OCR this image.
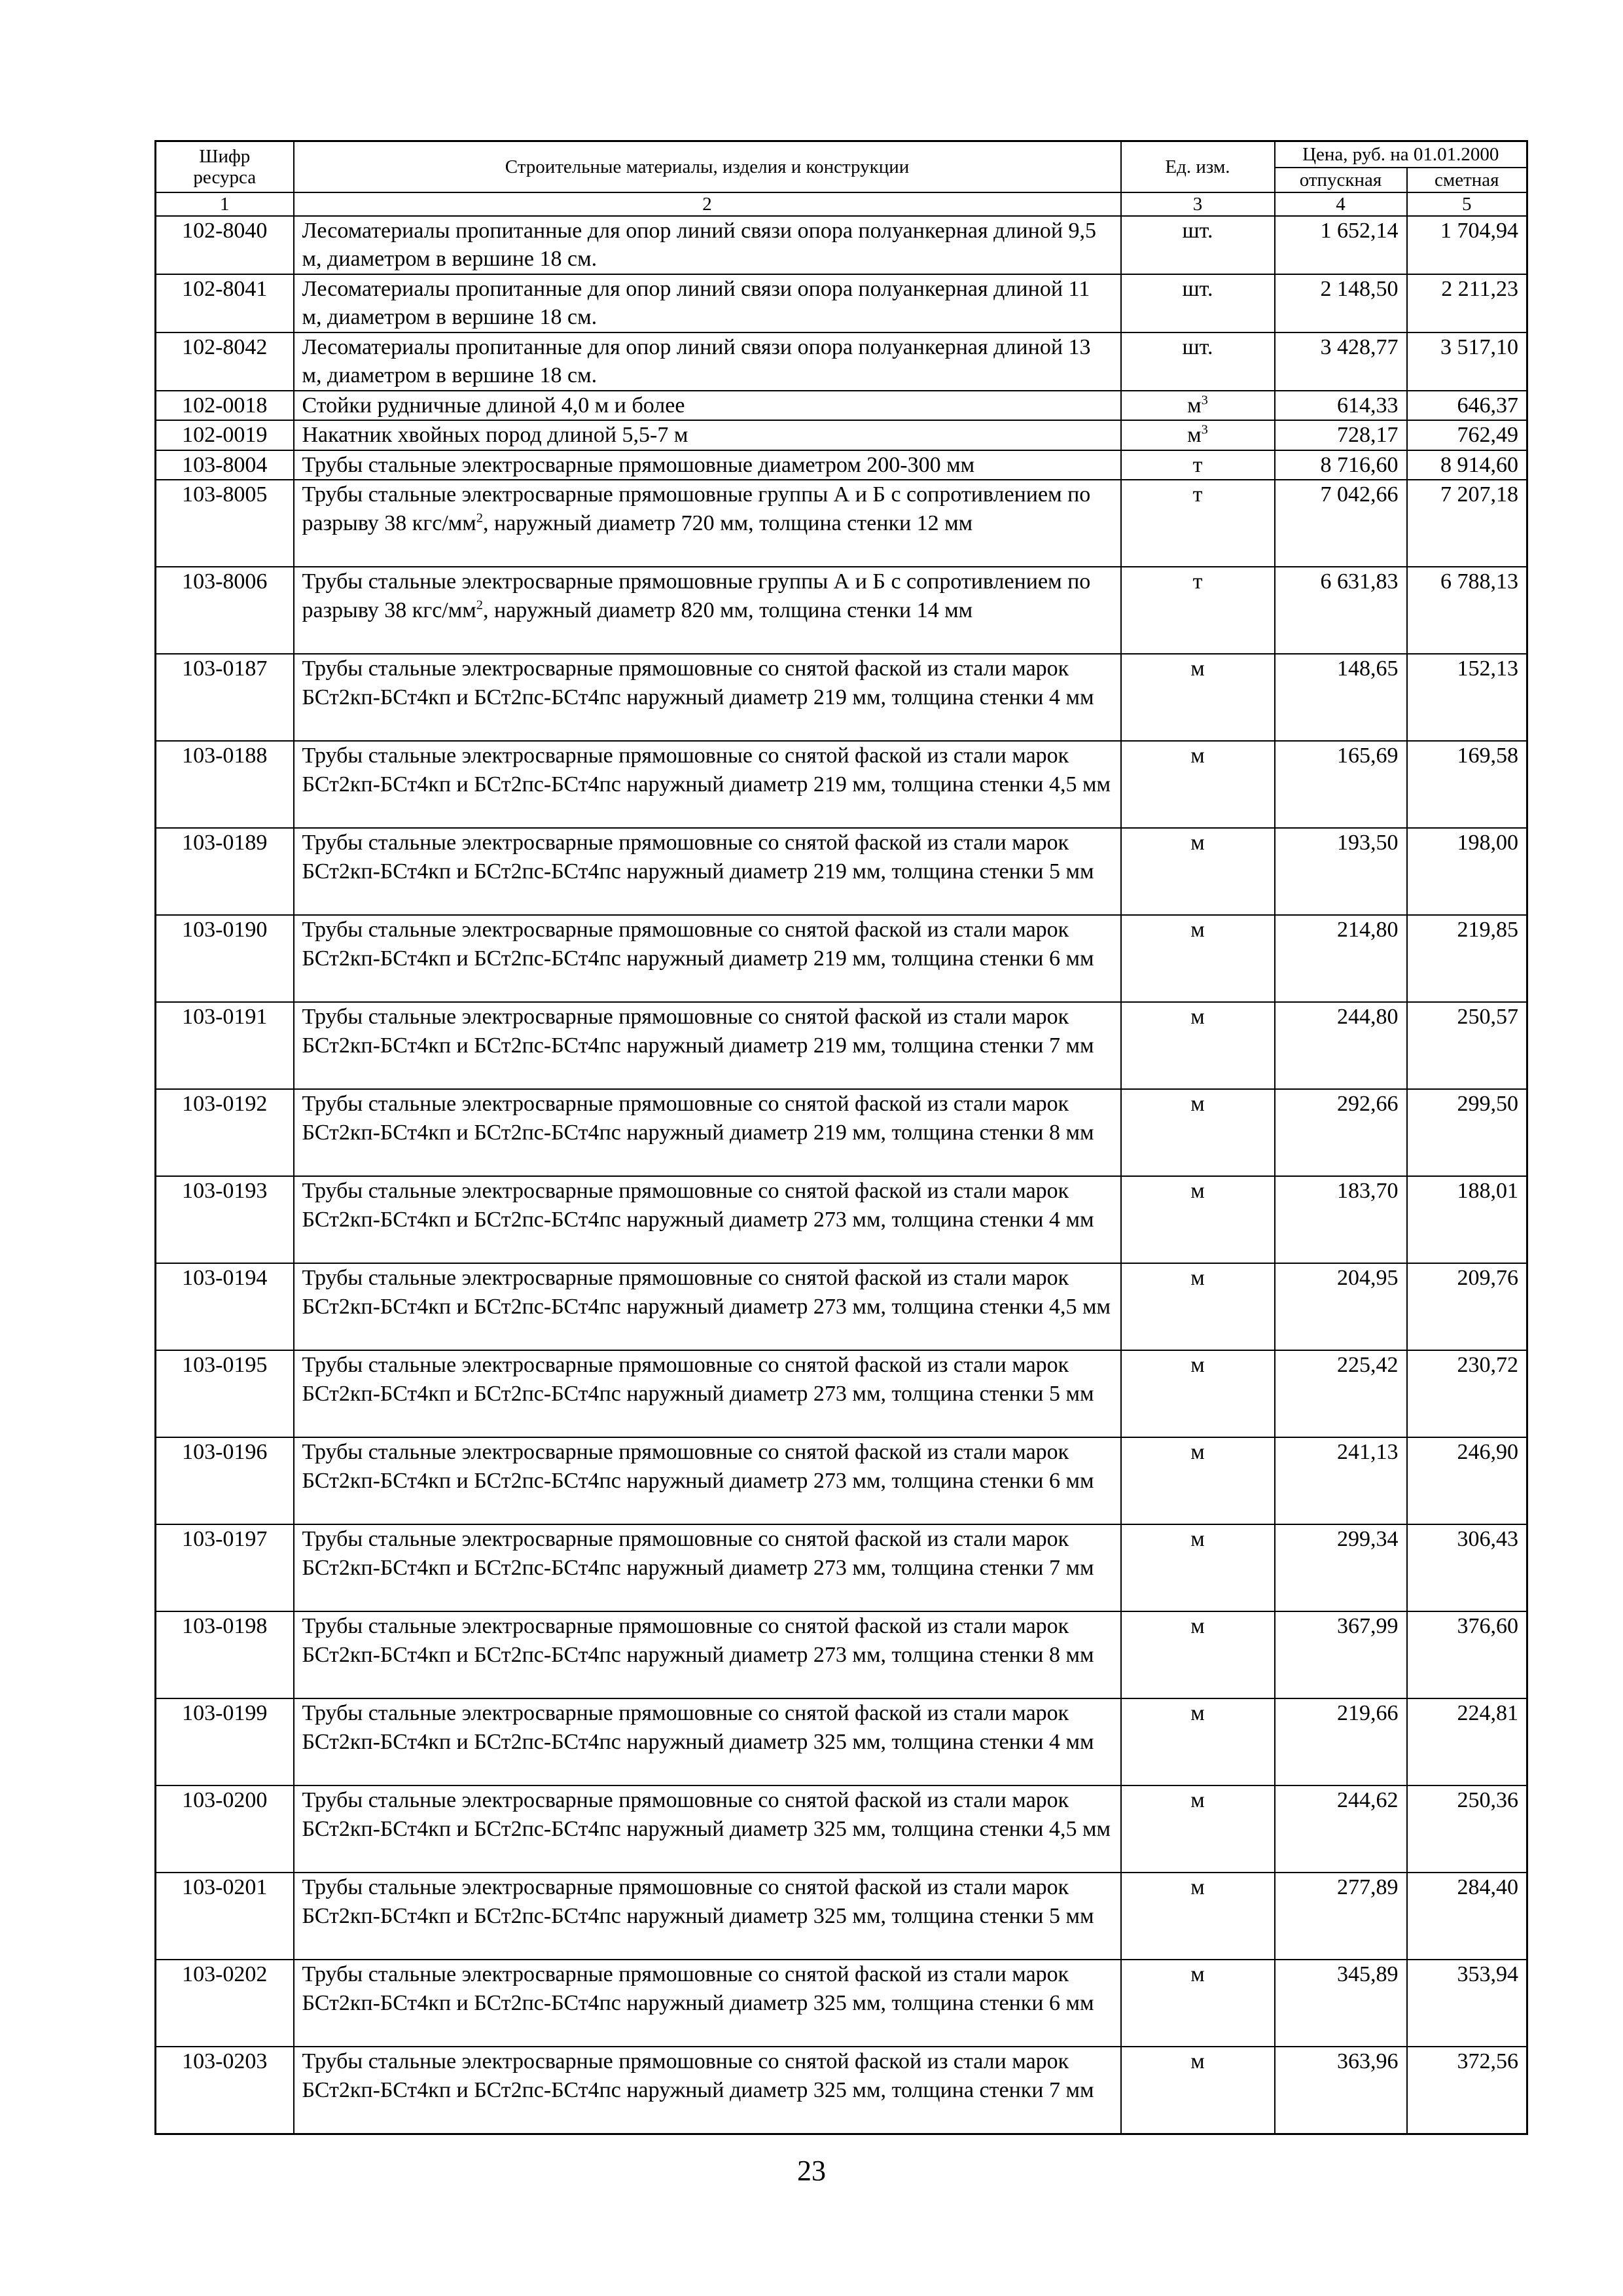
Шифр
ресурса	Строительные материалы, изделия и конструкции	Ед. изм.	Цена, руб. на 01.01.2000	
			отпускная	сметная
1	2	3	4	5
102-8040	Лесоматериалы пропитанные для опор линий связи опора полуанкерная длиной 9,5 м, диаметром в вершине 18 см.	шт.	1 652,14	1 704,94
102-8041	Лесоматериалы пропитанные для опор линий связи опора полуанкерная длиной 11 м, диаметром в вершине 18 см.	шт.	2 148,50	2 211,23
102-8042	Лесоматериалы пропитанные для опор линий связи опора полуанкерная длиной 13 м, диаметром в вершине 18 см.	шт.	3 428,77	3 517,10
102-0018	Стойки рудничные длиной 4,0 м и более	$м^3$	614,33	646,37
102-0019	Накатник хвойных пород длиной 5,5-7 м	$м^3$	728,17	762,49
103-8004	Трубы стальные электросварные прямошовные диаметром 200-300 мм	т	8 716,60	8 914,60
103-8005	Трубы стальные электросварные прямошовные группы А и Б с сопротивлением по разрыву 38 кгс/$мм^2$, наружный диаметр 720 мм, толщина стенки 12 мм	т	7 042,66	7 207,18
103-8006	Трубы стальные электросварные прямошовные группы А и Б с сопротивлением по разрыву 38 кгс/$мм^2$, наружный диаметр 820 мм, толщина стенки 14 мм	т	6 631,83	6 788,13
103-0187	Трубы стальные электросварные прямошовные со снятой фаской из стали марок БСт2кп-БСт4кп и БСт2пс-БСт4пс наружный диаметр 219 мм, толщина стенки 4 мм	м	148,65	152,13
103-0188	Трубы стальные электросварные прямошовные со снятой фаской из стали марок БСт2кп-БСт4кп и БСт2пс-БСт4пс наружный диаметр 219 мм, толщина стенки 4,5 мм	м	165,69	169,58
103-0189	Трубы стальные электросварные прямошовные со снятой фаской из стали марок БСт2кп-БСт4кп и БСт2пс-БСт4пс наружный диаметр 219 мм, толщина стенки 5 мм	м	193,50	198,00
103-0190	Трубы стальные электросварные прямошовные со снятой фаской из стали марок БСт2кп-БСт4кп и БСт2пс-БСт4пс наружный диаметр 219 мм, толщина стенки 6 мм	м	214,80	219,85
103-0191	Трубы стальные электросварные прямошовные со снятой фаской из стали марок БСт2кп-БСт4кп и БСт2пс-БСт4пс наружный диаметр 219 мм, толщина стенки 7 мм	м	244,80	250,57
103-0192	Трубы стальные электросварные прямошовные со снятой фаской из стали марок БСт2кп-БСт4кп и БСт2пс-БСт4пс наружный диаметр 219 мм, толщина стенки 8 мм	м	292,66	299,50
103-0193	Трубы стальные электросварные прямошовные со снятой фаской из стали марок БСт2кп-БСт4кп и БСт2пс-БСт4пс наружный диаметр 273 мм, толщина стенки 4 мм	м	183,70	188,01
103-0194	Трубы стальные электросварные прямошовные со снятой фаской из стали марок БСт2кп-БСт4кп и БСт2пс-БСт4пс наружный диаметр 273 мм, толщина стенки 4,5 мм	м	204,95	209,76
103-0195	Трубы стальные электросварные прямошовные со снятой фаской из стали марок БСт2кп-БСт4кп и БСт2пс-БСт4пс наружный диаметр 273 мм, толщина стенки 5 мм	м	225,42	230,72
103-0196	Трубы стальные электросварные прямошовные со снятой фаской из стали марок БСт2кп-БСт4кп и БСт2пс-БСт4пс наружный диаметр 273 мм, толщина стенки 6 мм	м	241,13	246,90
103-0197	Трубы стальные электросварные прямошовные со снятой фаской из стали марок БСт2кп-БСт4кп и БСт2пс-БСт4пс наружный диаметр 273 мм, толщина стенки 7 мм	м	299,34	306,43
103-0198	Трубы стальные электросварные прямошовные со снятой фаской из стали марок БСт2кп-БСт4кп и БСт2пс-БСт4пс наружный диаметр 273 мм, толщина стенки 8 мм	м	367,99	376,60
103-0199	Трубы стальные электросварные прямошовные со снятой фаской из стали марок БСт2кп-БСт4кп и БСт2пс-БСт4пс наружный диаметр 325 мм, толщина стенки 4 мм	м	219,66	224,81
103-0200	Трубы стальные электросварные прямошовные со снятой фаской из стали марок БСт2кп-БСт4кп и БСт2пс-БСт4пс наружный диаметр 325 мм, толщина стенки 4,5 мм	м	244,62	250,36
103-0201	Трубы стальные электросварные прямошовные со снятой фаской из стали марок БСт2кп-БСт4кп и БСт2пс-БСт4пс наружный диаметр 325 мм, толщина стенки 5 мм	м	277,89	284,40
103-0202	Трубы стальные электросварные прямошовные со снятой фаской из стали марок БСт2кп-БСт4кп и БСт2пс-БСт4пс наружный диаметр 325 мм, толщина стенки 6 мм	м	345,89	353,94
103-0203	Трубы стальные электросварные прямошовные со снятой фаской из стали марок БСт2кп-БСт4кп и БСт2пс-БСт4пс наружный диаметр 325 мм, толщина стенки 7 мм	м	363,96	372,56
23
